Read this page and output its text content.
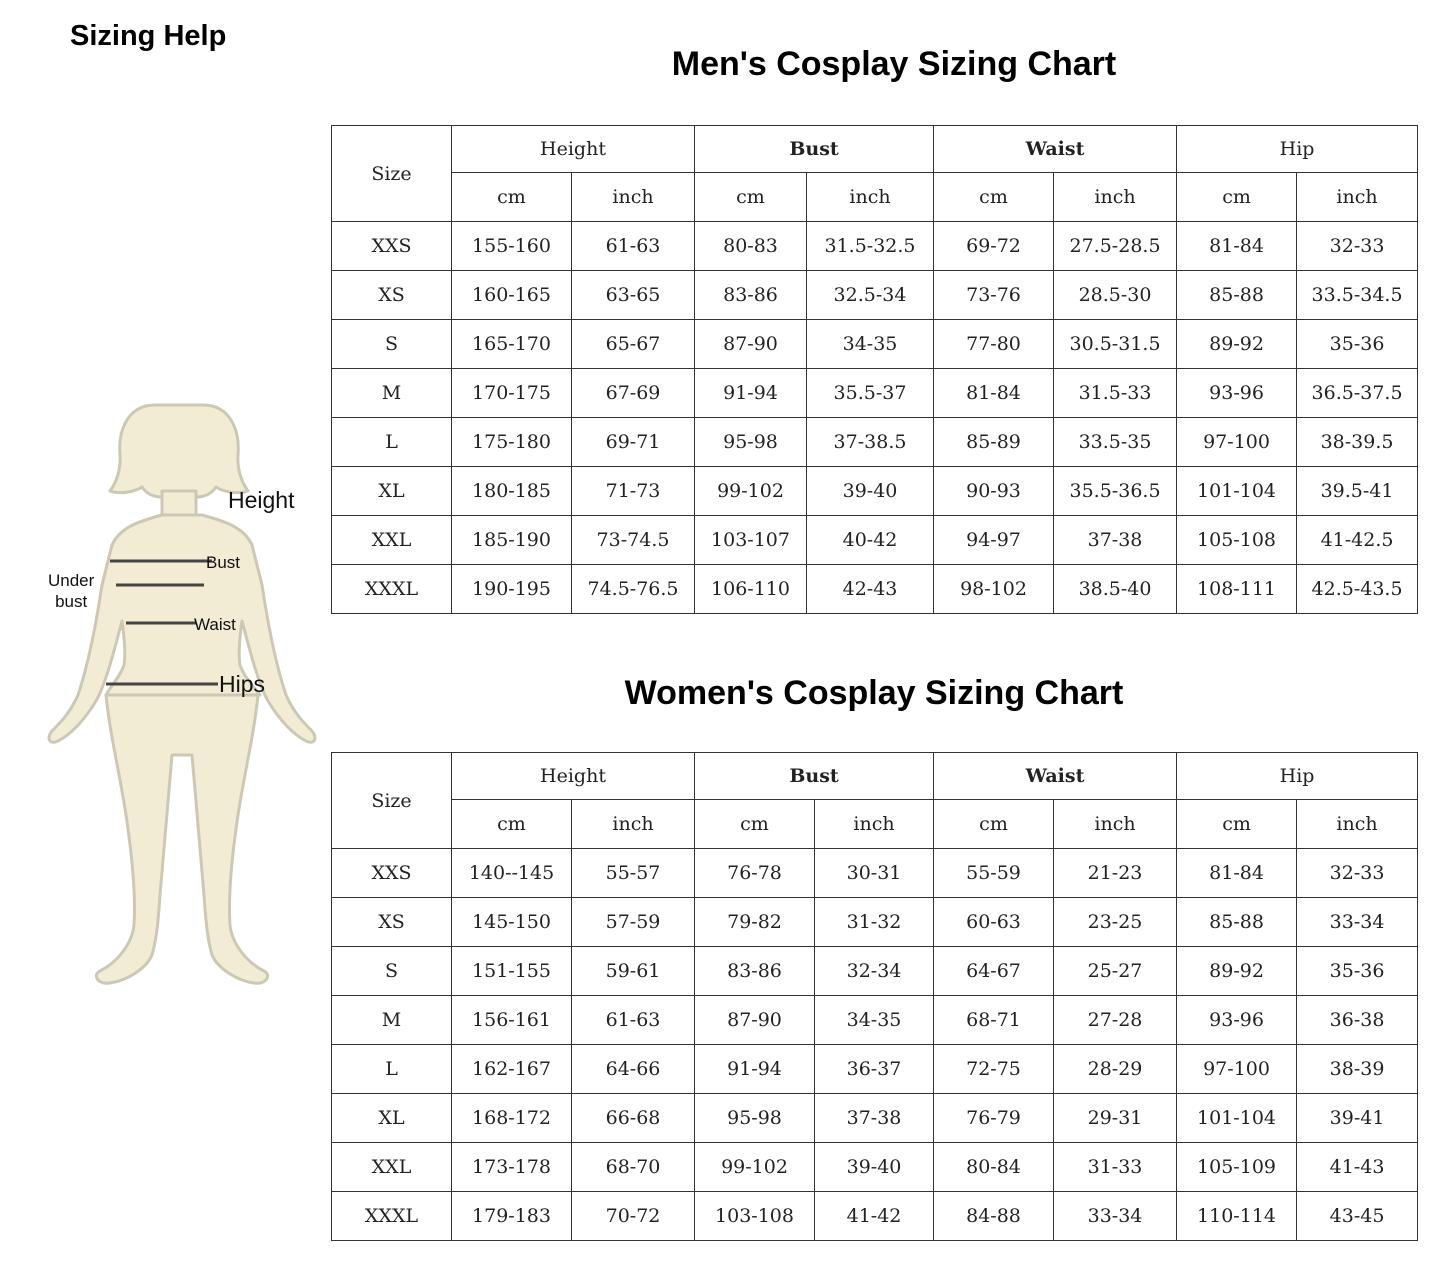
Sizing Help
Height
Bust
Under
bust
Waist
Hips
Men's Cosplay Sizing Chart
Size	Height		Bust		Waist		Hip	
	cm	inch	cm	inch	cm	inch	cm	inch
XXS	155-160	61-63	80-83	31.5-32.5	69-72	27.5-28.5	81-84	32-33
XS	160-165	63-65	83-86	32.5-34	73-76	28.5-30	85-88	33.5-34.5
S	165-170	65-67	87-90	34-35	77-80	30.5-31.5	89-92	35-36
M	170-175	67-69	91-94	35.5-37	81-84	31.5-33	93-96	36.5-37.5
L	175-180	69-71	95-98	37-38.5	85-89	33.5-35	97-100	38-39.5
XL	180-185	71-73	99-102	39-40	90-93	35.5-36.5	101-104	39.5-41
XXL	185-190	73-74.5	103-107	40-42	94-97	37-38	105-108	41-42.5
XXXL	190-195	74.5-76.5	106-110	42-43	98-102	38.5-40	108-111	42.5-43.5
Women's Cosplay Sizing Chart
Size	Height		Bust		Waist		Hip	
	cm	inch	cm	inch	cm	inch	cm	inch
XXS	140--145	55-57	76-78	30-31	55-59	21-23	81-84	32-33
XS	145-150	57-59	79-82	31-32	60-63	23-25	85-88	33-34
S	151-155	59-61	83-86	32-34	64-67	25-27	89-92	35-36
M	156-161	61-63	87-90	34-35	68-71	27-28	93-96	36-38
L	162-167	64-66	91-94	36-37	72-75	28-29	97-100	38-39
XL	168-172	66-68	95-98	37-38	76-79	29-31	101-104	39-41
XXL	173-178	68-70	99-102	39-40	80-84	31-33	105-109	41-43
XXXL	179-183	70-72	103-108	41-42	84-88	33-34	110-114	43-45
